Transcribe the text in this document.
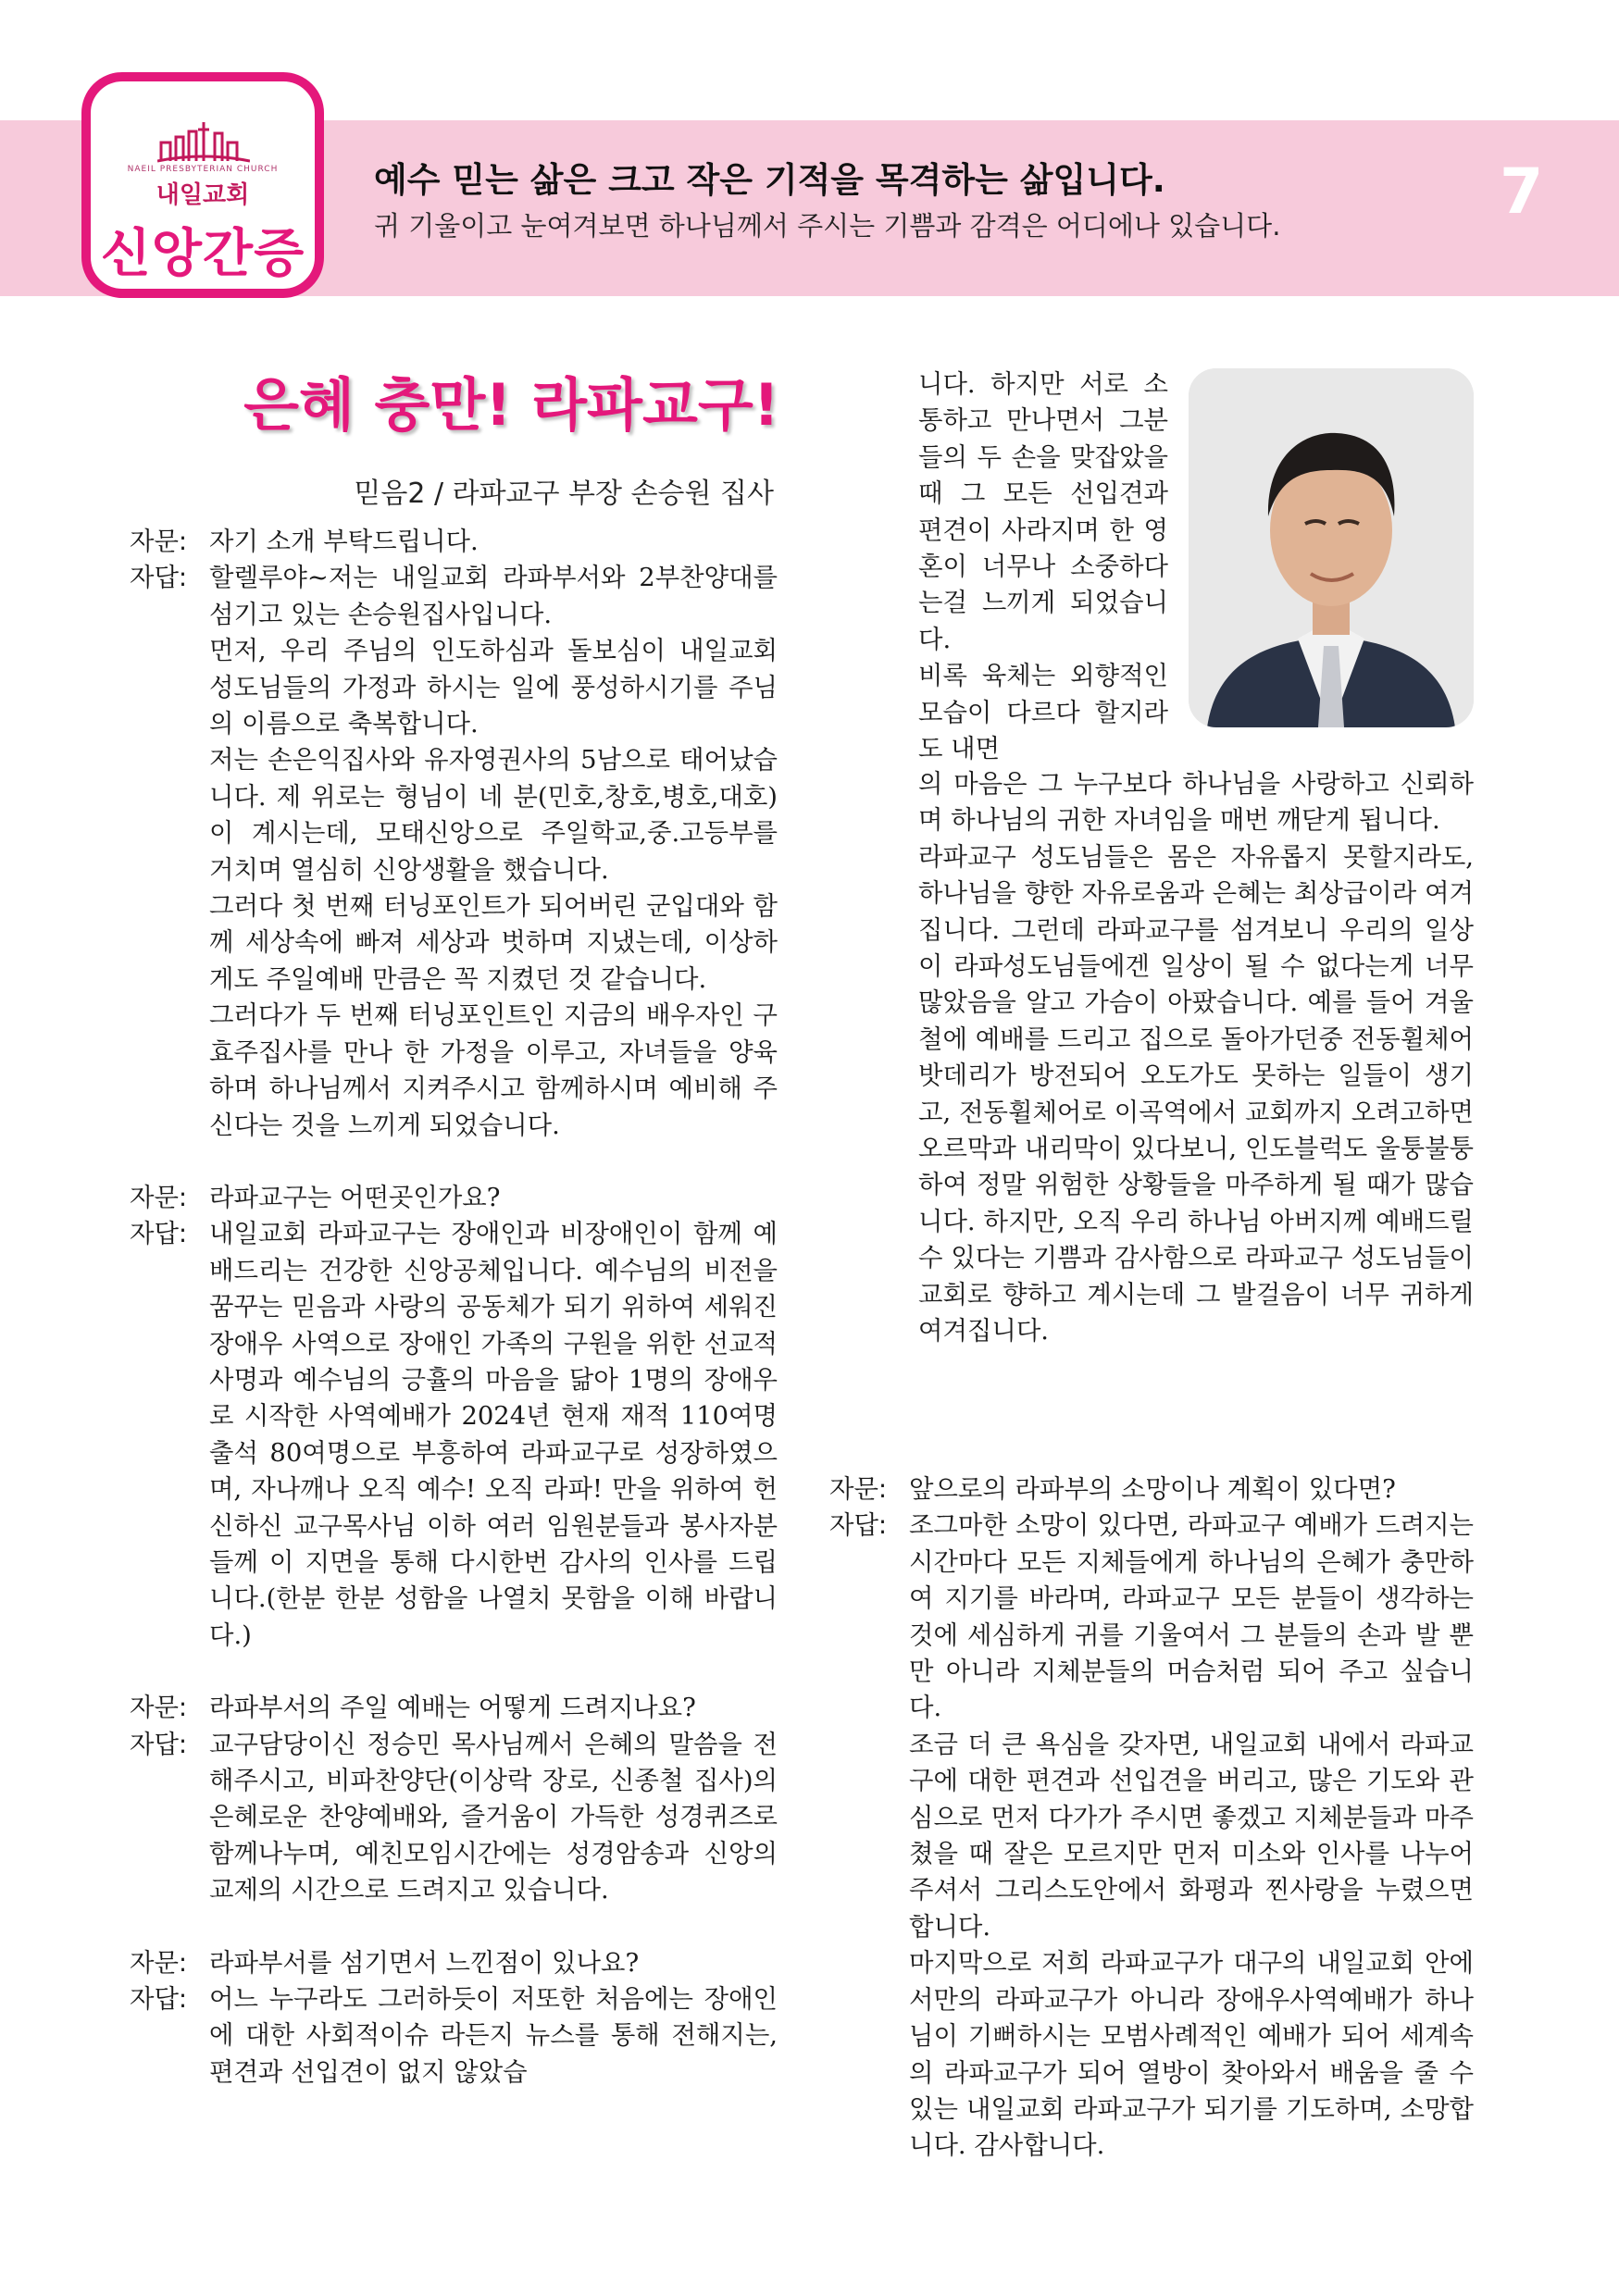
NAEIL PRESBYTERIAN CHURCH
내일교회
신앙간증
예수 믿는 삶은 크고 작은 기적을 목격하는 삶입니다.
귀 기울이고 눈여겨보면 하나님께서 주시는 기쁨과 감격은 어디에나 있습니다.	7
은혜 충만! 라파교구!
믿음2 / 라파교구 부장 손승원 집사
자문: 자기 소개 부탁드립니다.
자답: 할렐루야~저는 내일교회 라파부서와 2부찬양대를 섬기고 있는 손승원집사입니다.
먼저, 우리 주님의 인도하심과 돌보심이 내일교회 성도님들의 가정과 하시는 일에 풍성하시기를 주님의 이름으로 축복합니다.
저는 손은익집사와 유자영권사의 5남으로 태어났습니다. 제 위로는 형님이 네 분(민호,창호,병호,대호)이 계시는데, 모태신앙으로 주일학교,중.고등부를 거치며 열심히 신앙생활을 했습니다.
그러다 첫 번째 터닝포인트가 되어버린 군입대와 함께 세상속에 빠져 세상과 벗하며 지냈는데, 이상하게도 주일예배 만큼은 꼭 지켰던 것 같습니다.
그러다가 두 번째 터닝포인트인 지금의 배우자인 구효주집사를 만나 한 가정을 이루고, 자녀들을 양육하며 하나님께서 지켜주시고 함께하시며 예비해 주신다는 것을 느끼게 되었습니다.
자문: 라파교구는 어떤곳인가요?
자답: 내일교회 라파교구는 장애인과 비장애인이 함께 예배드리는 건강한 신앙공체입니다. 예수님의 비전을 꿈꾸는 믿음과 사랑의 공동체가 되기 위하여 세워진 장애우 사역으로 장애인 가족의 구원을 위한 선교적 사명과 예수님의 긍휼의 마음을 닮아 1명의 장애우로 시작한 사역예배가 2024년 현재 재적 110여명 출석 80여명으로 부흥하여 라파교구로 성장하였으며, 자나깨나 오직 예수! 오직 라파! 만을 위하여 헌신하신 교구목사님 이하 여러 임원분들과 봉사자분들께 이 지면을 통해 다시한번 감사의 인사를 드립니다.(한분 한분 성함을 나열치 못함을 이해 바랍니다.)
자문: 라파부서의 주일 예배는 어떻게 드려지나요?
자답: 교구담당이신 정승민 목사님께서 은혜의 말씀을 전해주시고, 비파찬양단(이상락 장로, 신종철 집사)의 은혜로운 찬양예배와, 즐거움이 가득한 성경퀴즈로 함께나누며, 예친모임시간에는 성경암송과 신앙의 교제의 시간으로 드려지고 있습니다.
자문: 라파부서를 섬기면서 느낀점이 있나요?
자답: 어느 누구라도 그러하듯이 저또한 처음에는 장애인에 대한 사회적이슈 라든지 뉴스를 통해 전해지는, 편견과 선입견이 없지 않았습
니다. 하지만 서로 소통하고 만나면서 그분들의 두 손을 맞잡았을 때 그 모든 선입견과 편견이 사라지며 한 영혼이 너무나 소중하다는걸 느끼게 되었습니다.
비록 육체는 외향적인 모습이 다르다 할지라도 내면
의 마음은 그 누구보다 하나님을 사랑하고 신뢰하며 하나님의 귀한 자녀임을 매번 깨닫게 됩니다.
라파교구 성도님들은 몸은 자유롭지 못할지라도, 하나님을 향한 자유로움과 은혜는 최상급이라 여겨 집니다. 그런데 라파교구를 섬겨보니 우리의 일상이 라파성도님들에겐 일상이 될 수 없다는게 너무 많았음을 알고 가슴이 아팠습니다. 예를 들어 겨울철에 예배를 드리고 집으로 돌아가던중 전동휠체어 밧데리가 방전되어 오도가도 못하는 일들이 생기고, 전동휠체어로 이곡역에서 교회까지 오려고하면 오르막과 내리막이 있다보니, 인도블럭도 울퉁불퉁하여 정말 위험한 상황들을 마주하게 될 때가 많습니다. 하지만, 오직 우리 하나님 아버지께 예배드릴 수 있다는 기쁨과 감사함으로 라파교구 성도님들이 교회로 향하고 계시는데 그 발걸음이 너무 귀하게 여겨집니다.
자문: 앞으로의 라파부의 소망이나 계획이 있다면?
자답: 조그마한 소망이 있다면, 라파교구 예배가 드려지는 시간마다 모든 지체들에게 하나님의 은혜가 충만하여 지기를 바라며, 라파교구 모든 분들이 생각하는 것에 세심하게 귀를 기울여서 그 분들의 손과 발 뿐만 아니라 지체분들의 머슴처럼 되어 주고 싶습니다.
조금 더 큰 욕심을 갖자면, 내일교회 내에서 라파교구에 대한 편견과 선입견을 버리고, 많은 기도와 관심으로 먼저 다가가 주시면 좋겠고 지체분들과 마주쳤을 때 잘은 모르지만 먼저 미소와 인사를 나누어 주셔서 그리스도안에서 화평과 찐사랑을 누렸으면 합니다.
마지막으로 저희 라파교구가 대구의 내일교회 안에서만의 라파교구가 아니라 장애우사역예배가 하나님이 기뻐하시는 모범사례적인 예배가 되어 세계속의 라파교구가 되어 열방이 찾아와서 배움을 줄 수 있는 내일교회 라파교구가 되기를 기도하며, 소망합니다. 감사합니다.
